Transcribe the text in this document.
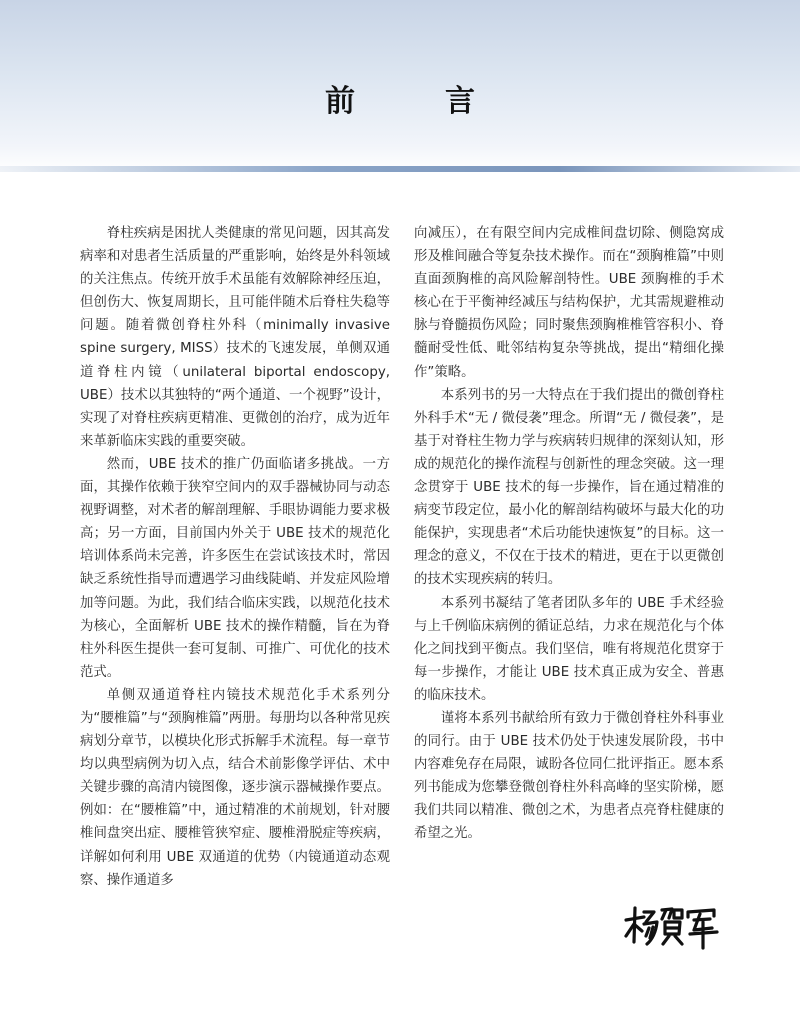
前　言

脊柱疾病是困扰人类健康的常见问题，因其高发病率和对患者生活质量的严重影响，始终是外科领域的关注焦点。传统开放手术虽能有效解除神经压迫，但创伤大、恢复周期长，且可能伴随术后脊柱失稳等问题。随着微创脊柱外科（minimally invasive spine surgery, MISS）技术的飞速发展，单侧双通道脊柱内镜（unilateral biportal endoscopy, UBE）技术以其独特的“两个通道、一个视野”设计，实现了对脊柱疾病更精准、更微创的治疗，成为近年来革新临床实践的重要突破。

然而，UBE 技术的推广仍面临诸多挑战。一方面，其操作依赖于狭窄空间内的双手器械协同与动态视野调整，对术者的解剖理解、手眼协调能力要求极高；另一方面，目前国内外关于 UBE 技术的规范化培训体系尚未完善，许多医生在尝试该技术时，常因缺乏系统性指导而遭遇学习曲线陡峭、并发症风险增加等问题。为此，我们结合临床实践，以规范化技术为核心，全面解析 UBE 技术的操作精髓，旨在为脊柱外科医生提供一套可复制、可推广、可优化的技术范式。

单侧双通道脊柱内镜技术规范化手术系列分为“腰椎篇”与“颈胸椎篇”两册。每册均以各种常见疾病划分章节，以模块化形式拆解手术流程。每一章节均以典型病例为切入点，结合术前影像学评估、术中关键步骤的高清内镜图像，逐步演示器械操作要点。例如：在“腰椎篇”中，通过精准的术前规划，针对腰椎间盘突出症、腰椎管狭窄症、腰椎滑脱症等疾病，详解如何利用 UBE 双通道的优势（内镜通道动态观察、操作通道多

向减压），在有限空间内完成椎间盘切除、侧隐窝成形及椎间融合等复杂技术操作。而在“颈胸椎篇”中则直面颈胸椎的高风险解剖特性。UBE 颈胸椎的手术核心在于平衡神经减压与结构保护，尤其需规避椎动脉与脊髓损伤风险；同时聚焦颈胸椎椎管容积小、脊髓耐受性低、毗邻结构复杂等挑战，提出“精细化操作”策略。

本系列书的另一大特点在于我们提出的微创脊柱外科手术“无 / 微侵袭”理念。所谓“无 / 微侵袭”，是基于对脊柱生物力学与疾病转归规律的深刻认知，形成的规范化的操作流程与创新性的理念突破。这一理念贯穿于 UBE 技术的每一步操作，旨在通过精准的病变节段定位，最小化的解剖结构破坏与最大化的功能保护，实现患者“术后功能快速恢复”的目标。这一理念的意义，不仅在于技术的精进，更在于以更微创的技术实现疾病的转归。

本系列书凝结了笔者团队多年的 UBE 手术经验与上千例临床病例的循证总结，力求在规范化与个体化之间找到平衡点。我们坚信，唯有将规范化贯穿于每一步操作，才能让 UBE 技术真正成为安全、普惠的临床技术。

谨将本系列书献给所有致力于微创脊柱外科事业的同行。由于 UBE 技术仍处于快速发展阶段，书中内容难免存在局限，诚盼各位同仁批评指正。愿本系列书能成为您攀登微创脊柱外科高峰的坚实阶梯，愿我们共同以精准、微创之术，为患者点亮脊柱健康的希望之光。
